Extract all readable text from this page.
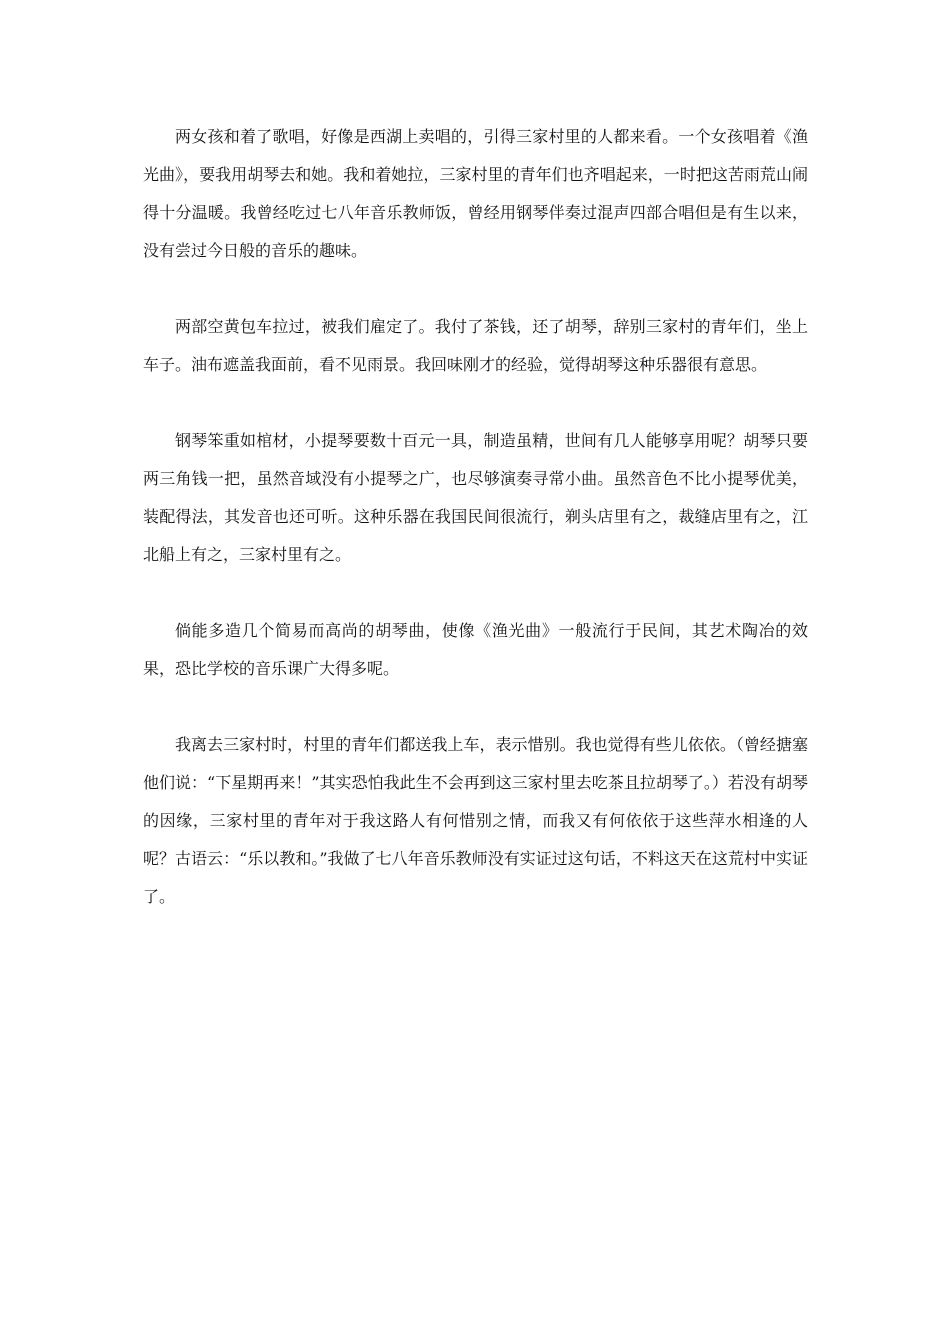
两女孩和着了歌唱，好像是西湖上卖唱的，引得三家村里的人都来看。一个女孩唱着《渔光曲》，要我用胡琴去和她。我和着她拉，三家村里的青年们也齐唱起来，一时把这苦雨荒山闹得十分温暖。我曾经吃过七八年音乐教师饭，曾经用钢琴伴奏过混声四部合唱但是有生以来，没有尝过今日般的音乐的趣味。

两部空黄包车拉过，被我们雇定了。我付了茶钱，还了胡琴，辞别三家村的青年们，坐上车子。油布遮盖我面前，看不见雨景。我回味刚才的经验，觉得胡琴这种乐器很有意思。

钢琴笨重如棺材，小提琴要数十百元一具，制造虽精，世间有几人能够享用呢？胡琴只要两三角钱一把，虽然音域没有小提琴之广，也尽够演奏寻常小曲。虽然音色不比小提琴优美，装配得法，其发音也还可听。这种乐器在我国民间很流行，剃头店里有之，裁缝店里有之，江北船上有之，三家村里有之。

倘能多造几个简易而高尚的胡琴曲，使像《渔光曲》一般流行于民间，其艺术陶冶的效果，恐比学校的音乐课广大得多呢。

我离去三家村时，村里的青年们都送我上车，表示惜别。我也觉得有些儿依依。（曾经搪塞他们说：“下星期再来！”其实恐怕我此生不会再到这三家村里去吃茶且拉胡琴了。）若没有胡琴的因缘，三家村里的青年对于我这路人有何惜别之情，而我又有何依依于这些萍水相逢的人呢？古语云：“乐以教和。”我做了七八年音乐教师没有实证过这句话，不料这天在这荒村中实证了。
